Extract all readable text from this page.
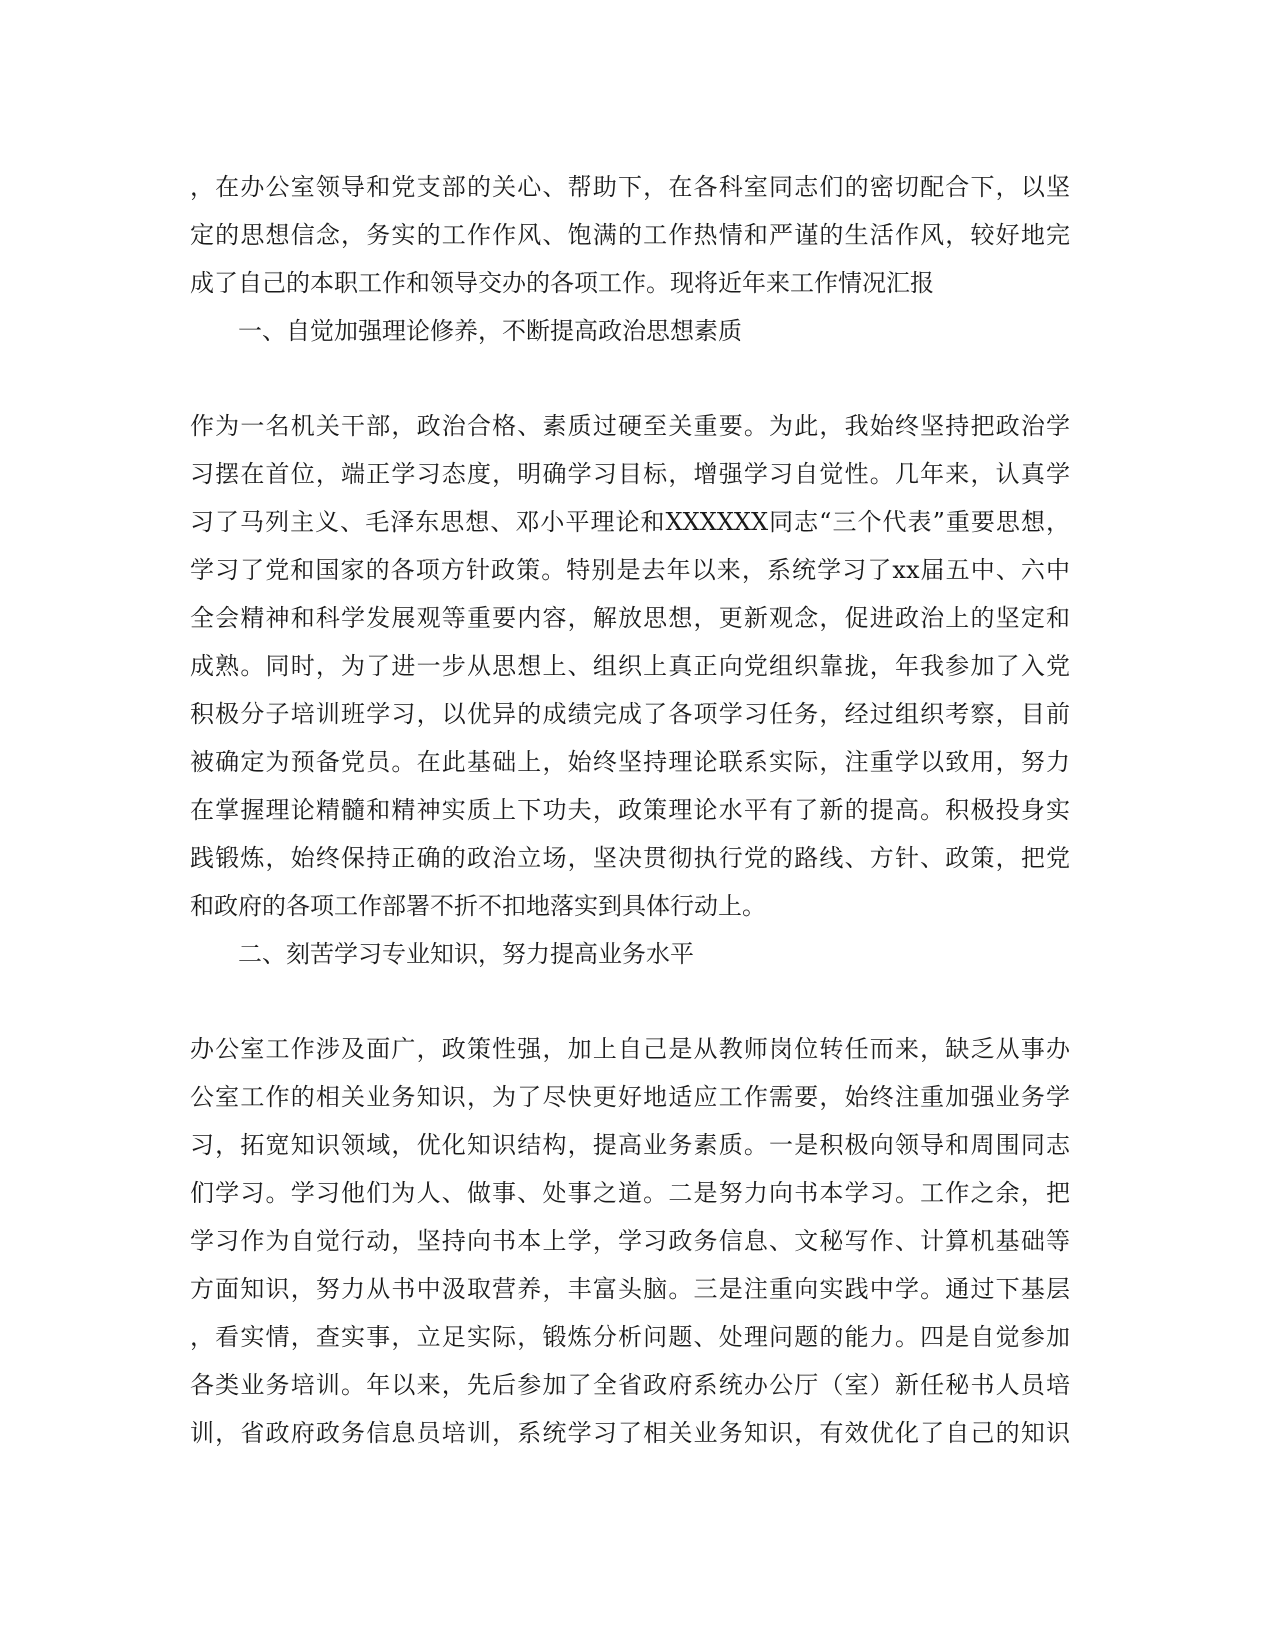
，在办公室领导和党支部的关心、帮助下，在各科室同志们的密切配合下，以坚
定的思想信念，务实的工作作风、饱满的工作热情和严谨的生活作风，较好地完
成了自己的本职工作和领导交办的各项工作。现将近年来工作情况汇报
一、自觉加强理论修养，不断提高政治思想素质
作为一名机关干部，政治合格、素质过硬至关重要。为此，我始终坚持把政治学
习摆在首位，端正学习态度，明确学习目标，增强学习自觉性。几年来，认真学
习了马列主义、毛泽东思想、邓小平理论和XXXXXX同志“三个代表”重要思想，
学习了党和国家的各项方针政策。特别是去年以来，系统学习了xx届五中、六中
全会精神和科学发展观等重要内容，解放思想，更新观念，促进政治上的坚定和
成熟。同时，为了进一步从思想上、组织上真正向党组织靠拢，年我参加了入党
积极分子培训班学习，以优异的成绩完成了各项学习任务，经过组织考察，目前
被确定为预备党员。在此基础上，始终坚持理论联系实际，注重学以致用，努力
在掌握理论精髓和精神实质上下功夫，政策理论水平有了新的提高。积极投身实
践锻炼，始终保持正确的政治立场，坚决贯彻执行党的路线、方针、政策，把党
和政府的各项工作部署不折不扣地落实到具体行动上。
二、刻苦学习专业知识，努力提高业务水平
办公室工作涉及面广，政策性强，加上自己是从教师岗位转任而来，缺乏从事办
公室工作的相关业务知识，为了尽快更好地适应工作需要，始终注重加强业务学
习，拓宽知识领域，优化知识结构，提高业务素质。一是积极向领导和周围同志
们学习。学习他们为人、做事、处事之道。二是努力向书本学习。工作之余，把
学习作为自觉行动，坚持向书本上学，学习政务信息、文秘写作、计算机基础等
方面知识，努力从书中汲取营养，丰富头脑。三是注重向实践中学。通过下基层
，看实情，查实事，立足实际，锻炼分析问题、处理问题的能力。四是自觉参加
各类业务培训。年以来，先后参加了全省政府系统办公厅（室）新任秘书人员培
训，省政府政务信息员培训，系统学习了相关业务知识，有效优化了自己的知识
